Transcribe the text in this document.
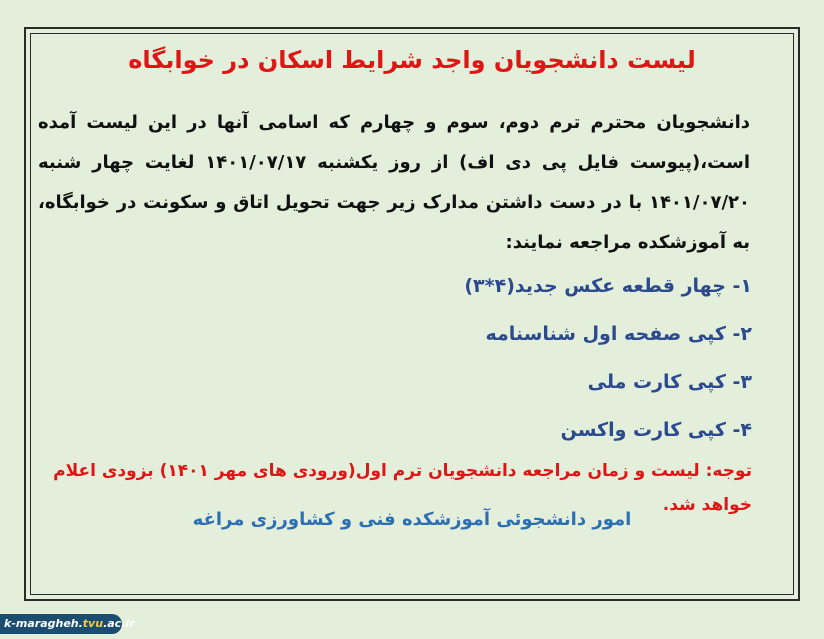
لیست دانشجویان واجد شرایط اسکان در خوابگاه
دانشجویان محترم ترم دوم، سوم و چهارم که اسامی آنها در این لیست آمده است،(پیوست فایل پی دی اف) از روز یکشنبه ۱۴۰۱/۰۷/۱۷ لغایت چهار شنبه ۱۴۰۱/۰۷/۲۰ با در دست داشتن مدارک زیر جهت تحویل اتاق و سکونت در خوابگاه، به آموزشکده مراجعه نمایند:
۱- چهار قطعه عکس جدید(۴*۳)
۲- کپی صفحه اول شناسنامه
۳- کپی کارت ملی
۴- کپی کارت واکسن
توجه: لیست و زمان مراجعه دانشجویان ترم اول(ورودی های مهر ۱۴۰۱) بزودی اعلام خواهد شد.
امور دانشجوئی آموزشکده فنی و کشاورزی مراغه
k-maragheh.tvu.ac.ir
